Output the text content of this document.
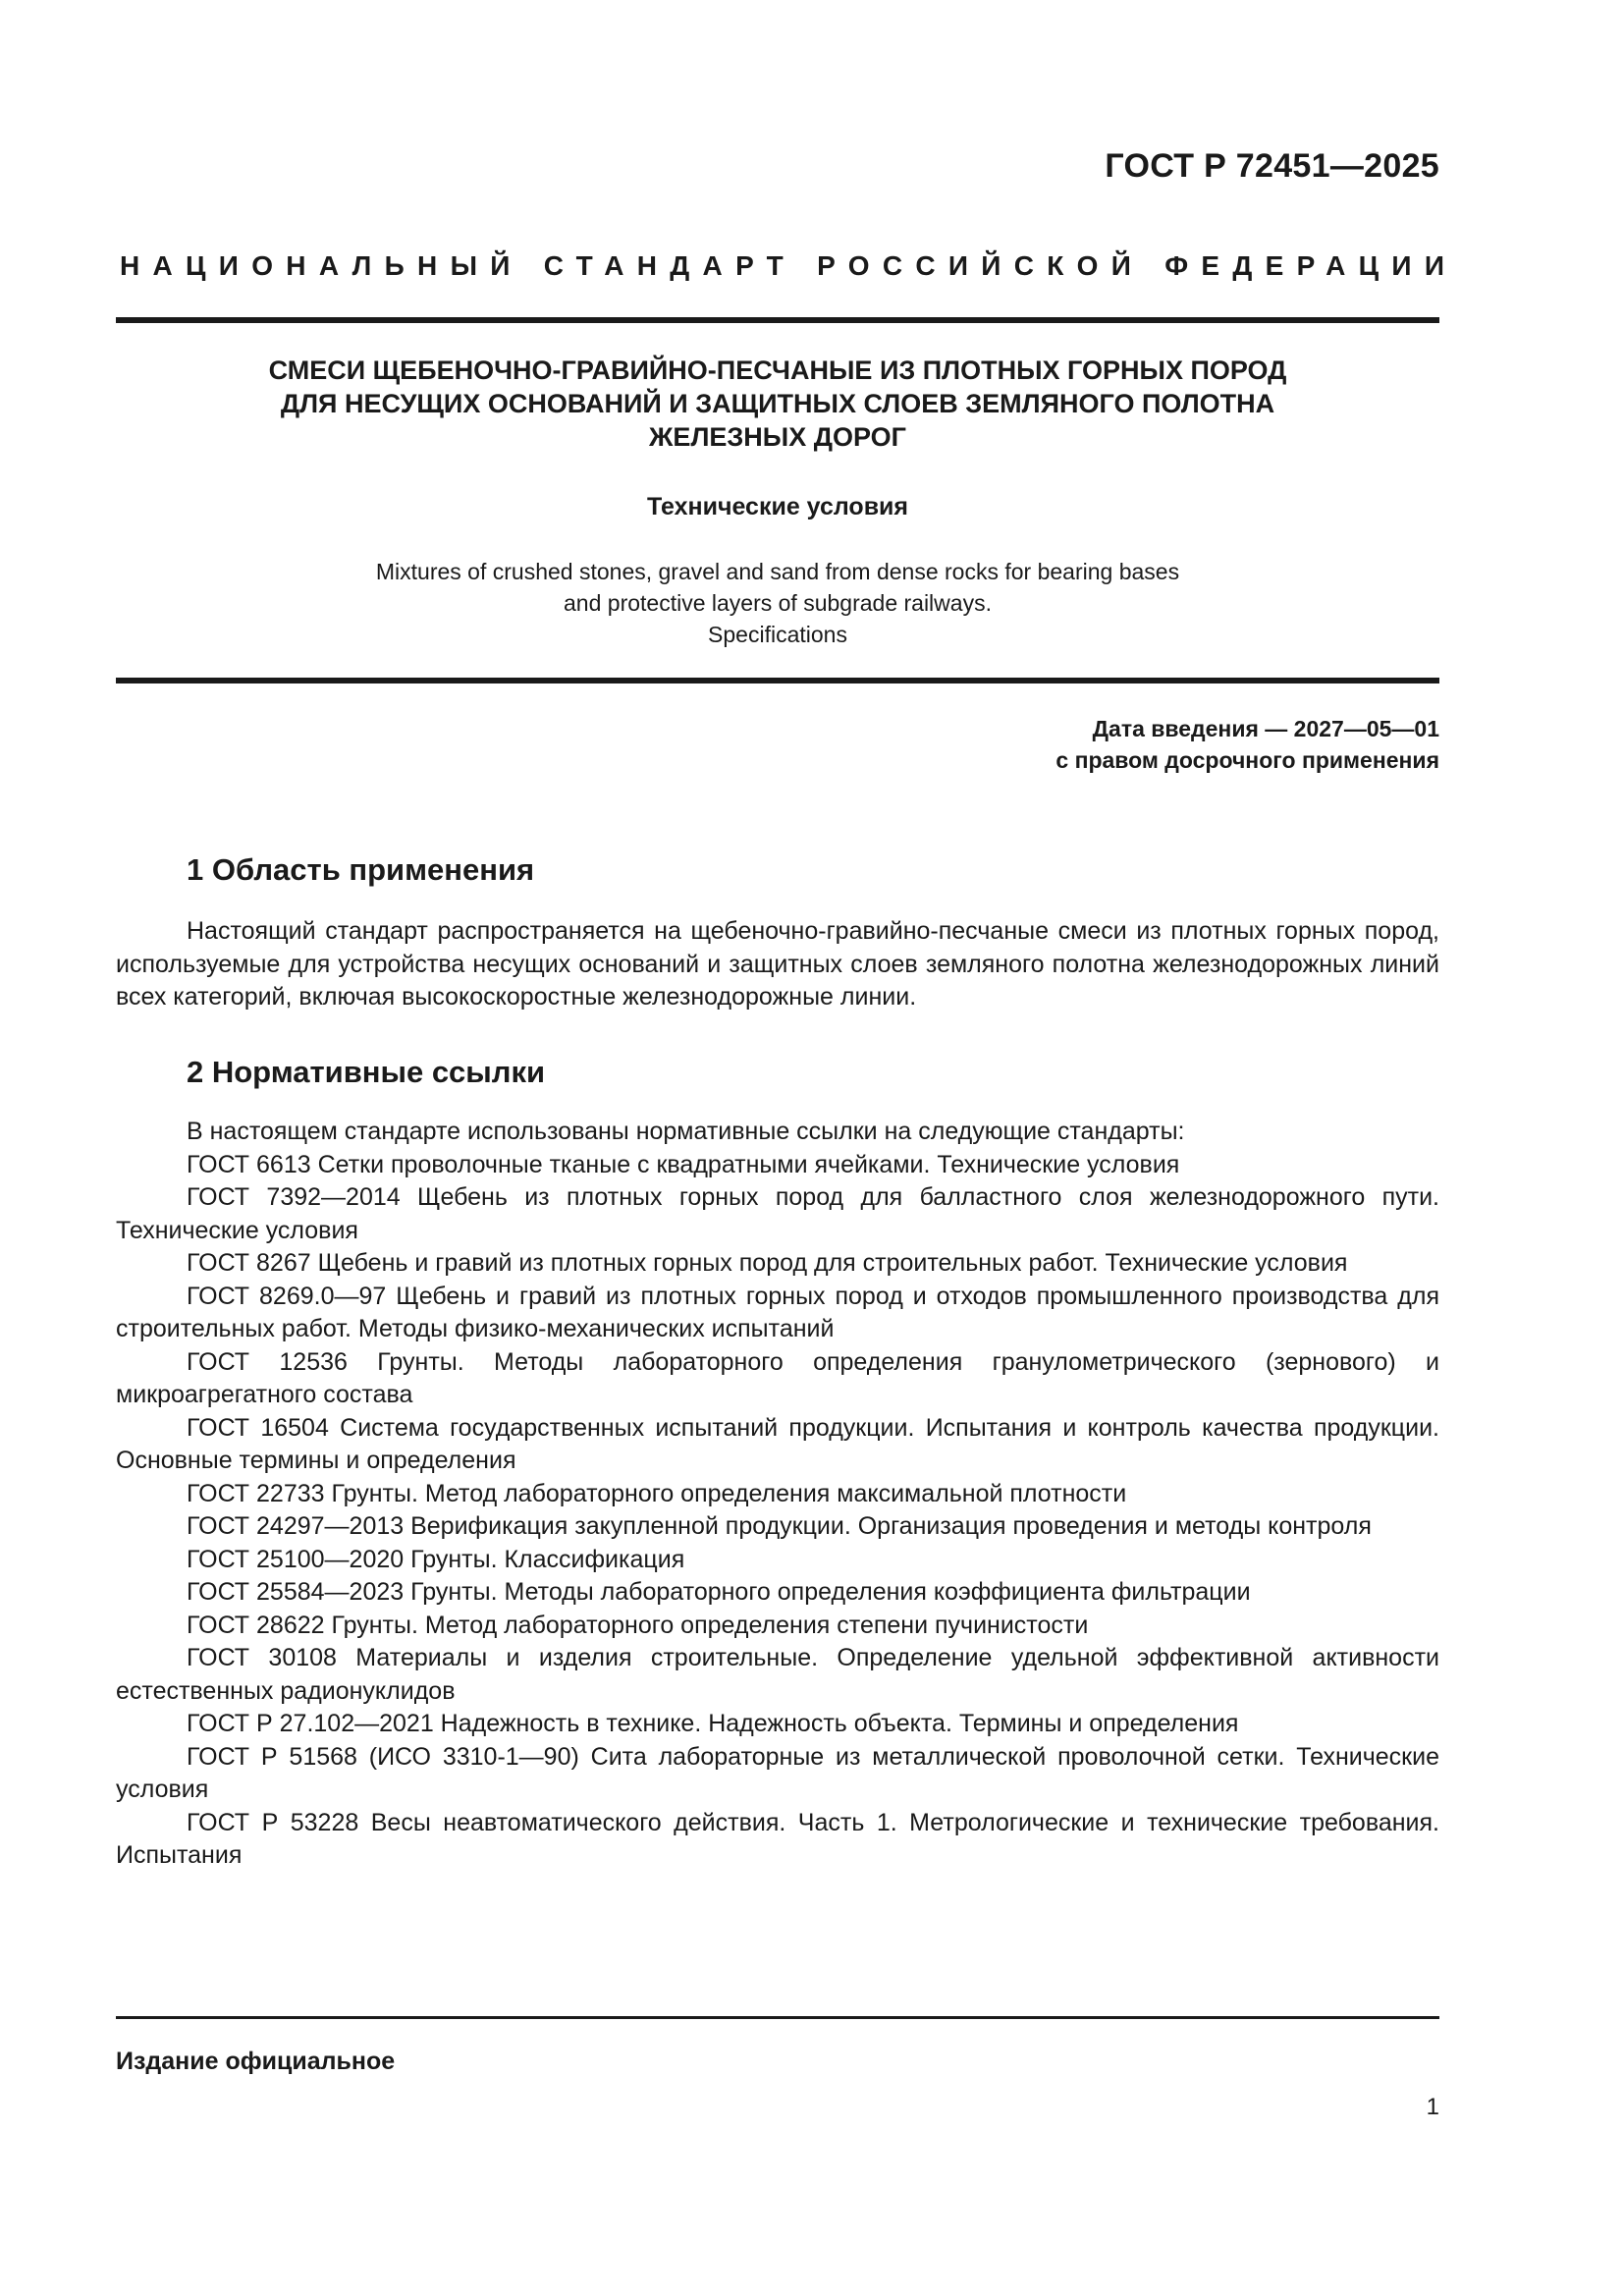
ГОСТ Р 72451—2025
НАЦИОНАЛЬНЫЙ СТАНДАРТ РОССИЙСКОЙ ФЕДЕРАЦИИ
СМЕСИ ЩЕБЕНОЧНО-ГРАВИЙНО-ПЕСЧАНЫЕ ИЗ ПЛОТНЫХ ГОРНЫХ ПОРОД
ДЛЯ НЕСУЩИХ ОСНОВАНИЙ И ЗАЩИТНЫХ СЛОЕВ ЗЕМЛЯНОГО ПОЛОТНА
ЖЕЛЕЗНЫХ ДОРОГ
Технические условия
Mixtures of crushed stones, gravel and sand from dense rocks for bearing bases
and protective layers of subgrade railways.
Specifications
Дата введения — 2027—05—01
с правом досрочного применения
1 Область применения

Настоящий стандарт распространяется на щебеночно-гравийно-песчаные смеси из плотных горных пород, используемые для устройства несущих оснований и защитных слоев земляного полотна железнодорожных линий всех категорий, включая высокоскоростные железнодорожные линии.

2 Нормативные ссылки

В настоящем стандарте использованы нормативные ссылки на следующие стандарты:

ГОСТ 6613 Сетки проволочные тканые с квадратными ячейками. Технические условия

ГОСТ 7392—2014 Щебень из плотных горных пород для балластного слоя железнодорожного пути. Технические условия

ГОСТ 8267 Щебень и гравий из плотных горных пород для строительных работ. Технические условия

ГОСТ 8269.0—97 Щебень и гравий из плотных горных пород и отходов промышленного производства для строительных работ. Методы физико-механических испытаний

ГОСТ 12536 Грунты. Методы лабораторного определения гранулометрического (зернового) и микроагрегатного состава

ГОСТ 16504 Система государственных испытаний продукции. Испытания и контроль качества продукции. Основные термины и определения

ГОСТ 22733 Грунты. Метод лабораторного определения максимальной плотности

ГОСТ 24297—2013 Верификация закупленной продукции. Организация проведения и методы контроля

ГОСТ 25100—2020 Грунты. Классификация

ГОСТ 25584—2023 Грунты. Методы лабораторного определения коэффициента фильтрации

ГОСТ 28622 Грунты. Метод лабораторного определения степени пучинистости

ГОСТ 30108 Материалы и изделия строительные. Определение удельной эффективной активности естественных радионуклидов

ГОСТ Р 27.102—2021 Надежность в технике. Надежность объекта. Термины и определения

ГОСТ Р 51568 (ИСО 3310-1—90) Сита лабораторные из металлической проволочной сетки. Технические условия

ГОСТ Р 53228 Весы неавтоматического действия. Часть 1. Метрологические и технические требования. Испытания

Издание официальное
1
